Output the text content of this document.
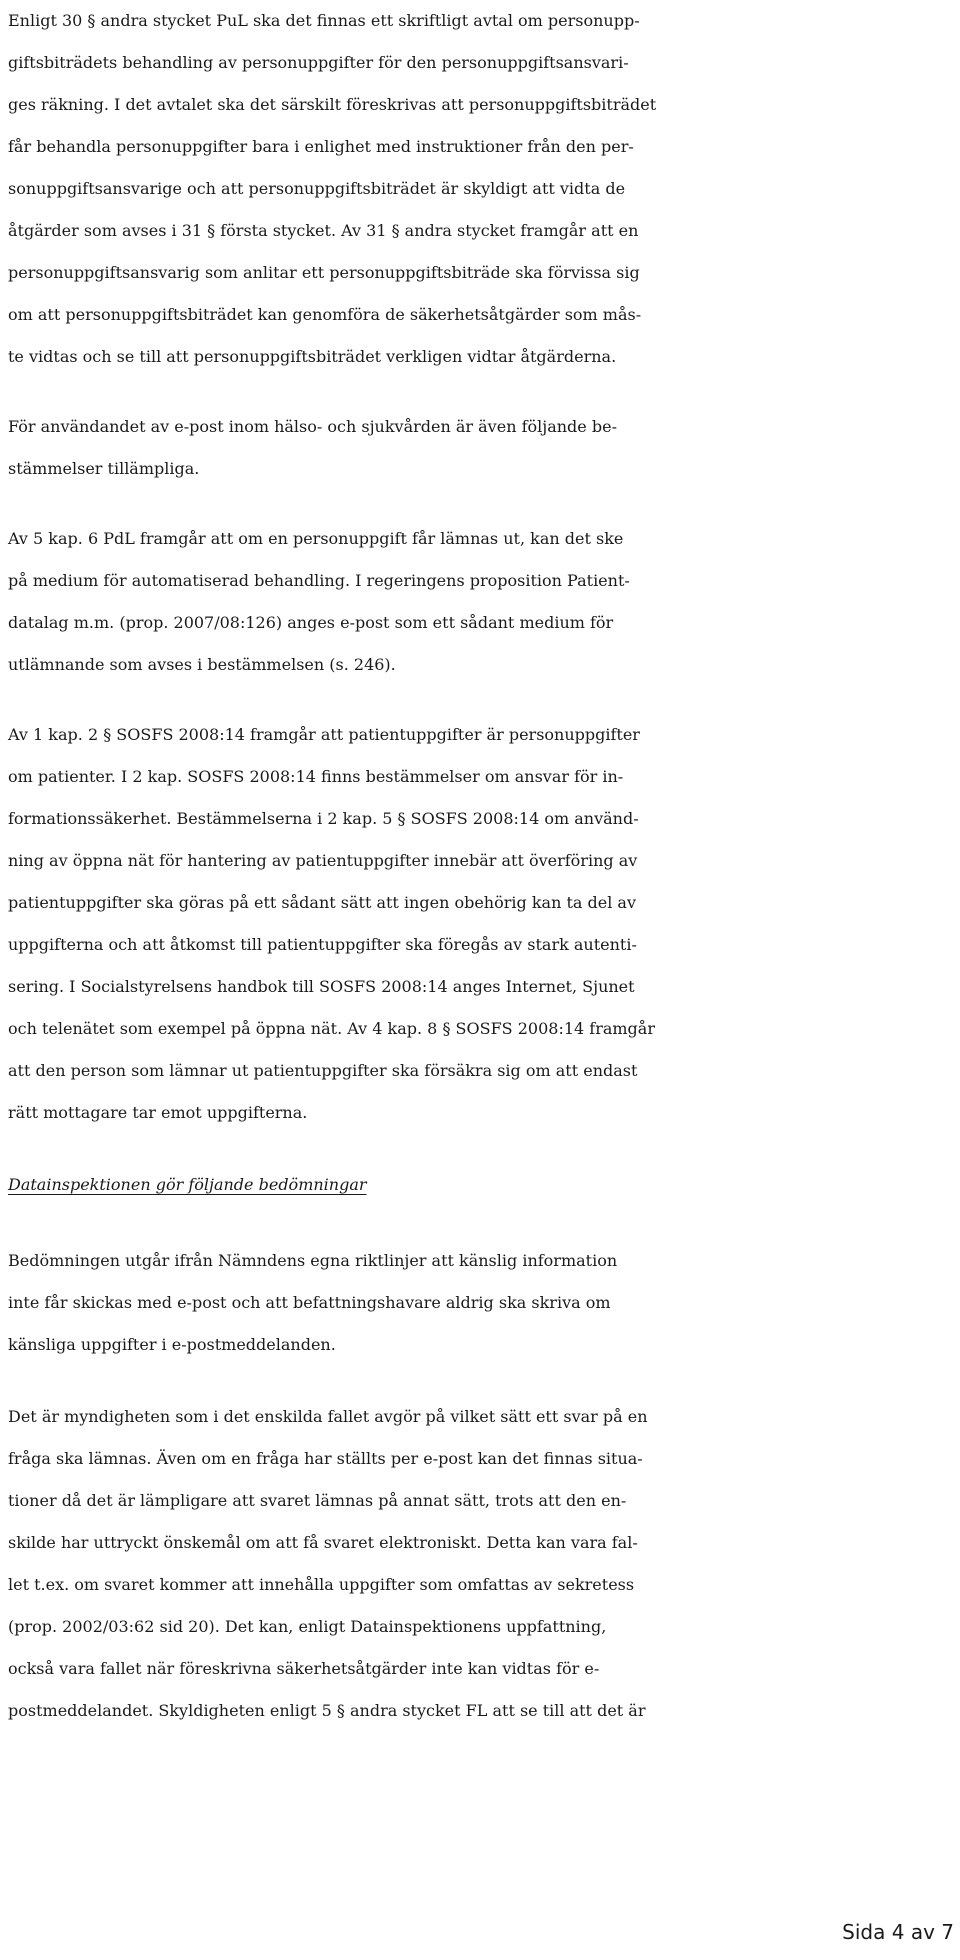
Enligt 30 § andra stycket PuL ska det finnas ett skriftligt avtal om personupp-
giftsbiträdets behandling av personuppgifter för den personuppgiftsansvari-
ges räkning. I det avtalet ska det särskilt föreskrivas att personuppgiftsbiträdet
får behandla personuppgifter bara i enlighet med instruktioner från den per-
sonuppgiftsansvarige och att personuppgiftsbiträdet är skyldigt att vidta de
åtgärder som avses i 31 § första stycket. Av 31 § andra stycket framgår att en
personuppgiftsansvarig som anlitar ett personuppgiftsbiträde ska förvissa sig
om att personuppgiftsbiträdet kan genomföra de säkerhetsåtgärder som mås-
te vidtas och se till att personuppgiftsbiträdet verkligen vidtar åtgärderna.

För användandet av e-post inom hälso- och sjukvården är även följande be-
stämmelser tillämpliga.

Av 5 kap. 6 PdL framgår att om en personuppgift får lämnas ut, kan det ske
på medium för automatiserad behandling. I regeringens proposition Patient-
datalag m.m. (prop. 2007/08:126) anges e-post som ett sådant medium för
utlämnande som avses i bestämmelsen (s. 246).

Av 1 kap. 2 § SOSFS 2008:14 framgår att patientuppgifter är personuppgifter
om patienter. I 2 kap. SOSFS 2008:14 finns bestämmelser om ansvar för in-
formationssäkerhet. Bestämmelserna i 2 kap. 5 § SOSFS 2008:14 om använd-
ning av öppna nät för hantering av patientuppgifter innebär att överföring av
patientuppgifter ska göras på ett sådant sätt att ingen obehörig kan ta del av
uppgifterna och att åtkomst till patientuppgifter ska föregås av stark autenti-
sering. I Socialstyrelsens handbok till SOSFS 2008:14 anges Internet, Sjunet
och telenätet som exempel på öppna nät. Av 4 kap. 8 § SOSFS 2008:14 framgår
att den person som lämnar ut patientuppgifter ska försäkra sig om att endast
rätt mottagare tar emot uppgifterna.

Datainspektionen gör följande bedömningar

Bedömningen utgår ifrån Nämndens egna riktlinjer att känslig information
inte får skickas med e-post och att befattningshavare aldrig ska skriva om
känsliga uppgifter i e-postmeddelanden.

Det är myndigheten som i det enskilda fallet avgör på vilket sätt ett svar på en
fråga ska lämnas. Även om en fråga har ställts per e-post kan det finnas situa-
tioner då det är lämpligare att svaret lämnas på annat sätt, trots att den en-
skilde har uttryckt önskemål om att få svaret elektroniskt. Detta kan vara fal-
let t.ex. om svaret kommer att innehålla uppgifter som omfattas av sekretess
(prop. 2002/03:62 sid 20). Det kan, enligt Datainspektionens uppfattning,
också vara fallet när föreskrivna säkerhetsåtgärder inte kan vidtas för e-
postmeddelandet. Skyldigheten enligt 5 § andra stycket FL att se till att det är

Sida 4 av 7
